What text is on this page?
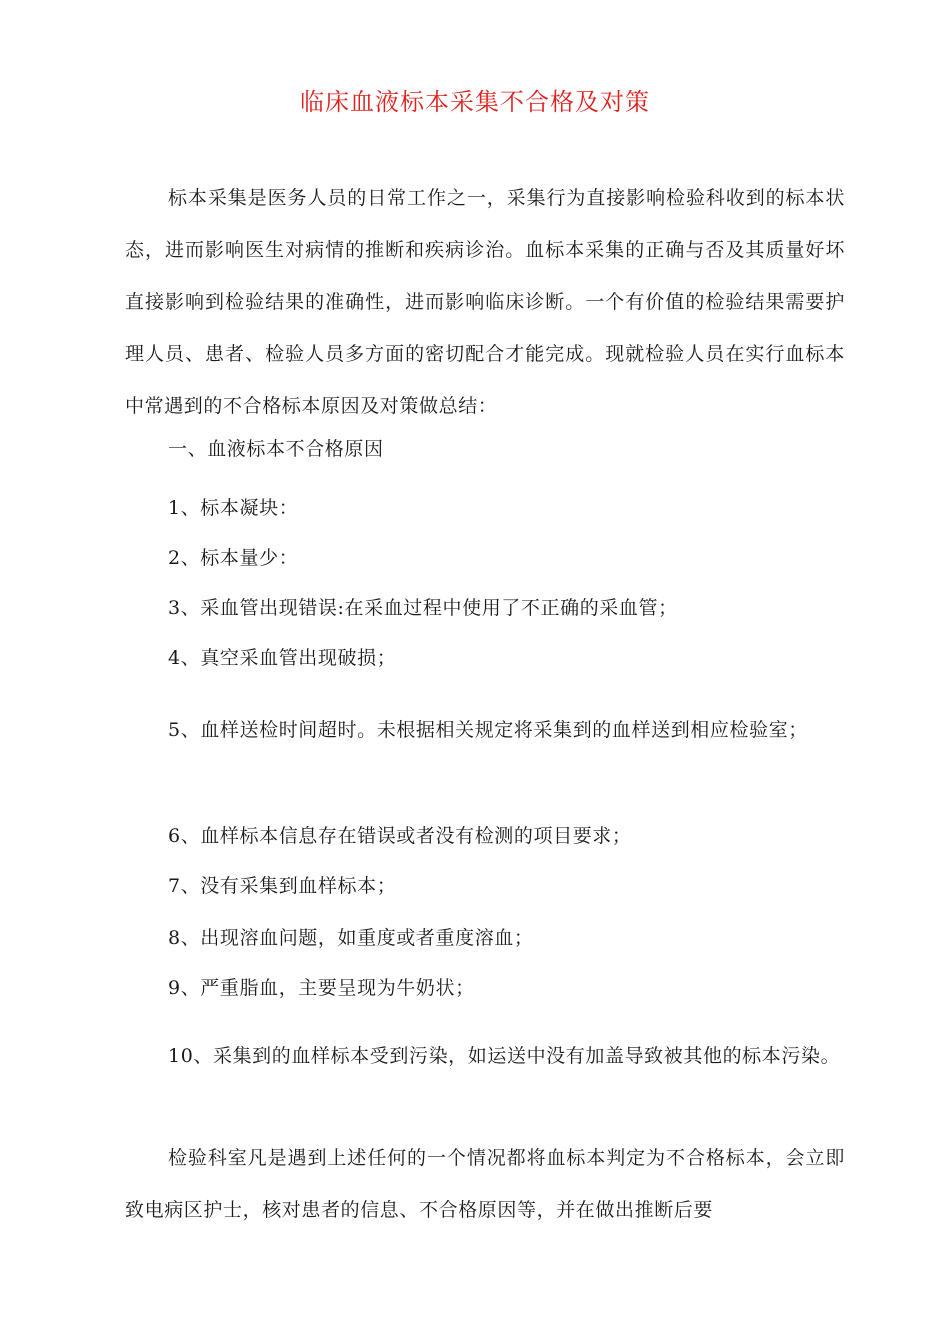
临床血液标本采集不合格及对策

标本采集是医务人员的日常工作之一，采集行为直接影响检验科收到的标本状态，进而影响医生对病情的推断和疾病诊治。血标本采集的正确与否及其质量好坏直接影响到检验结果的准确性，进而影响临床诊断。一个有价值的检验结果需要护理人员、患者、检验人员多方面的密切配合才能完成。现就检验人员在实行血标本中常遇到的不合格标本原因及对策做总结：

一、血液标本不合格原因

1、标本凝块：

2、标本量少：

3、采血管出现错误:在采血过程中使用了不正确的采血管；

4、真空采血管出现破损；

5、血样送检时间超时。未根据相关规定将采集到的血样送到相应检验室；

6、血样标本信息存在错误或者没有检测的项目要求；

7、没有采集到血样标本；

8、出现溶血问题，如重度或者重度溶血；

9、严重脂血，主要呈现为牛奶状；

10、采集到的血样标本受到污染，如运送中没有加盖导致被其他的标本污染。

检验科室凡是遇到上述任何的一个情况都将血标本判定为不合格标本，会立即致电病区护士，核对患者的信息、不合格原因等，并在做出推断后要
